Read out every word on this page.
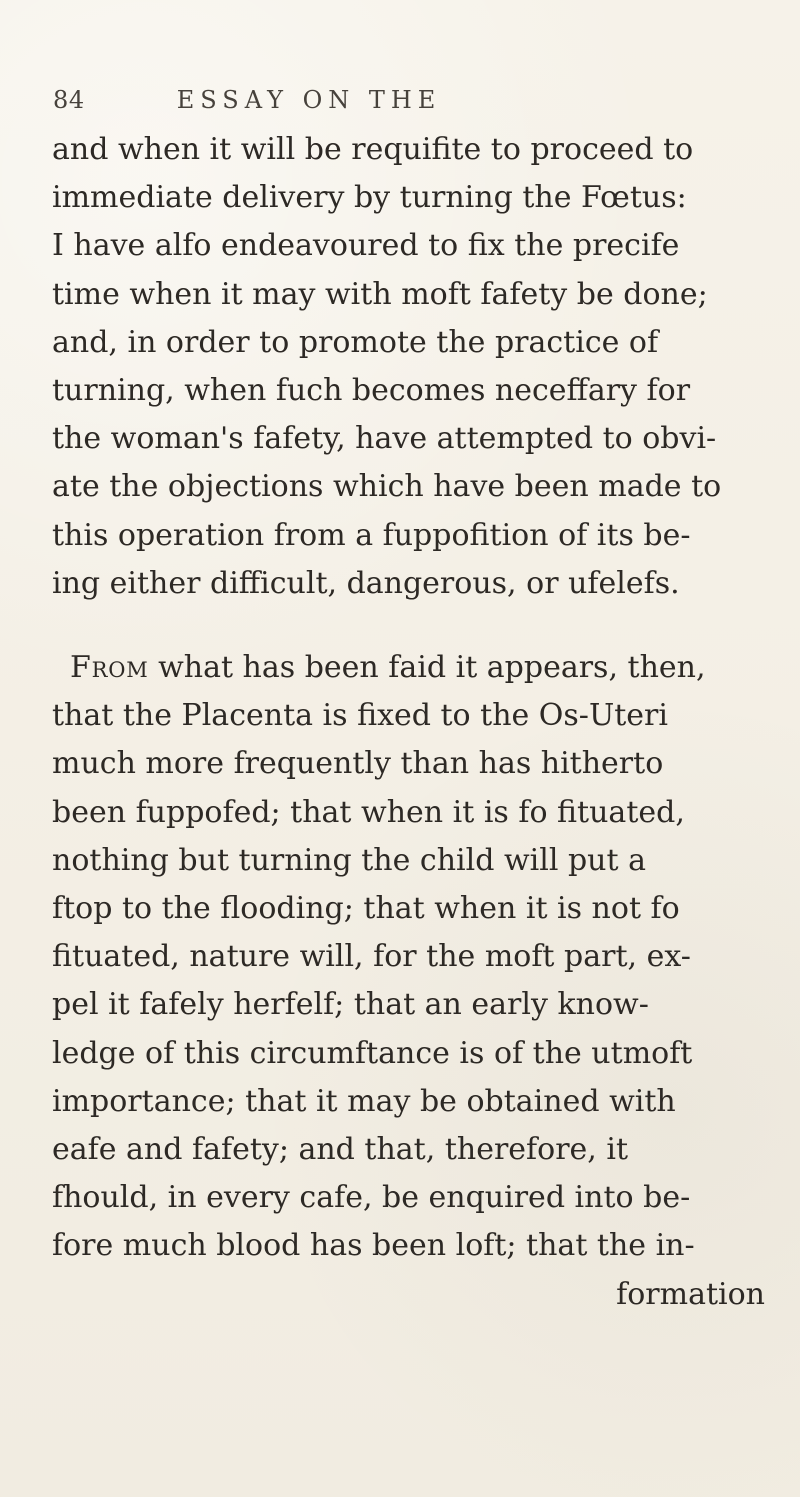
84	ESSAY ON THE
and when it will be requifite to proceed to
immediate delivery by turning the Fœtus:
I have alfo endeavoured to fix the precife
time when it may with moft fafety be done;
and, in order to promote the practice of
turning, when fuch becomes neceffary for
the woman's fafety, have attempted to obvi-
ate the objections which have been made to
this operation from a fuppofition of its be-
ing either difficult, dangerous, or ufelefs.
From what has been faid it appears, then,
that the Placenta is fixed to the Os-Uteri
much more frequently than has hitherto
been fuppofed; that when it is fo fituated,
nothing but turning the child will put a
ftop to the flooding; that when it is not fo
fituated, nature will, for the moft part, ex-
pel it fafely herfelf; that an early know-
ledge of this circumftance is of the utmoft
importance; that it may be obtained with
eafe and fafety; and that, therefore, it
fhould, in every cafe, be enquired into be-
fore much blood has been loft; that the in-
formation
